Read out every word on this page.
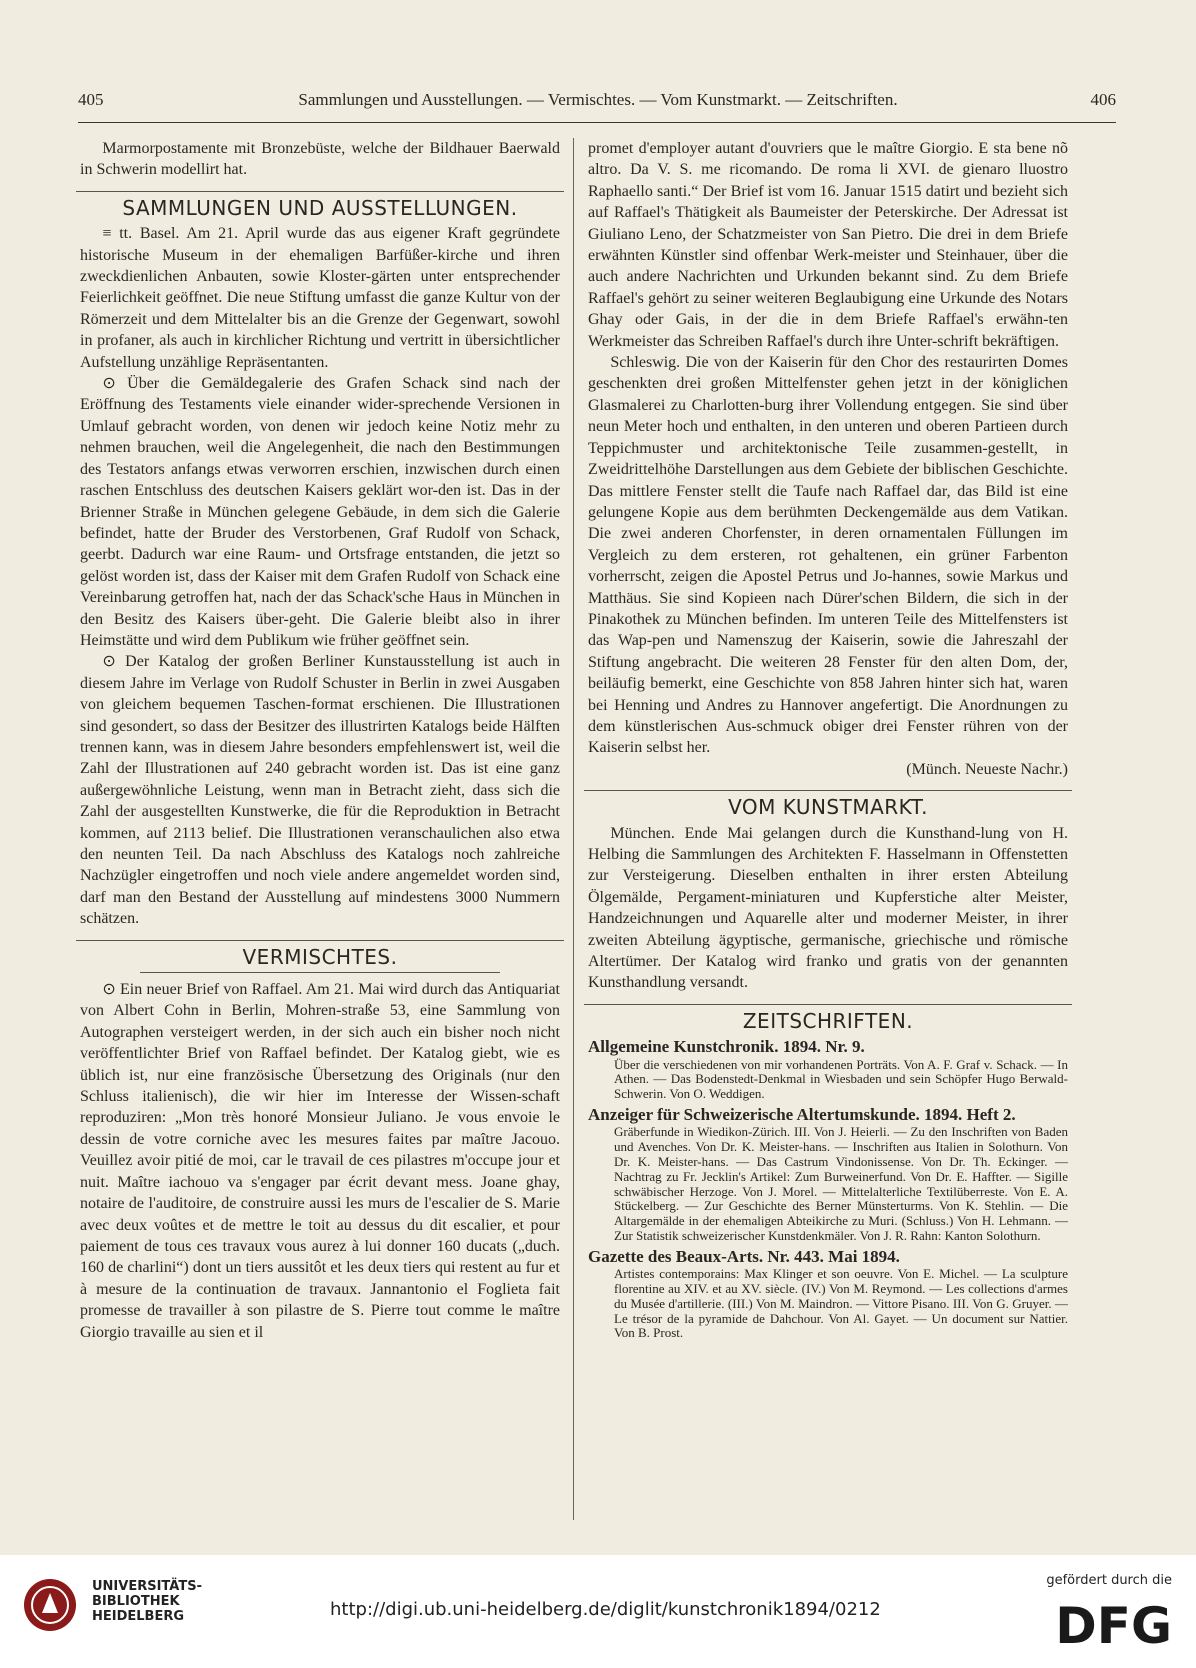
405	Sammlungen und Ausstellungen. — Vermischtes. — Vom Kunstmarkt. — Zeitschriften.	406

Marmorpostamente mit Bronzebüste, welche der Bildhauer Baerwald in Schwerin modellirt hat.

SAMMLUNGEN UND AUSSTELLUNGEN.

≡ tt. Basel. Am 21. April wurde das aus eigener Kraft gegründete historische Museum in der ehemaligen Barfüßer-kirche und ihren zweckdienlichen Anbauten, sowie Kloster-gärten unter entsprechender Feierlichkeit geöffnet. Die neue Stiftung umfasst die ganze Kultur von der Römerzeit und dem Mittelalter bis an die Grenze der Gegenwart, sowohl in profaner, als auch in kirchlicher Richtung und vertritt in übersichtlicher Aufstellung unzählige Repräsentanten.

⊙ Über die Gemäldegalerie des Grafen Schack sind nach der Eröffnung des Testaments viele einander wider-sprechende Versionen in Umlauf gebracht worden, von denen wir jedoch keine Notiz mehr zu nehmen brauchen, weil die Angelegenheit, die nach den Bestimmungen des Testators anfangs etwas verworren erschien, inzwischen durch einen raschen Entschluss des deutschen Kaisers geklärt wor-den ist. Das in der Brienner Straße in München gelegene Gebäude, in dem sich die Galerie befindet, hatte der Bruder des Verstorbenen, Graf Rudolf von Schack, geerbt. Dadurch war eine Raum- und Ortsfrage entstanden, die jetzt so gelöst worden ist, dass der Kaiser mit dem Grafen Rudolf von Schack eine Vereinbarung getroffen hat, nach der das Schack'sche Haus in München in den Besitz des Kaisers über-geht. Die Galerie bleibt also in ihrer Heimstätte und wird dem Publikum wie früher geöffnet sein.

⊙ Der Katalog der großen Berliner Kunstausstellung ist auch in diesem Jahre im Verlage von Rudolf Schuster in Berlin in zwei Ausgaben von gleichem bequemen Taschen-format erschienen. Die Illustrationen sind gesondert, so dass der Besitzer des illustrirten Katalogs beide Hälften trennen kann, was in diesem Jahre besonders empfehlenswert ist, weil die Zahl der Illustrationen auf 240 gebracht worden ist. Das ist eine ganz außergewöhnliche Leistung, wenn man in Betracht zieht, dass sich die Zahl der ausgestellten Kunstwerke, die für die Reproduktion in Betracht kommen, auf 2113 belief. Die Illustrationen veranschaulichen also etwa den neunten Teil. Da nach Abschluss des Katalogs noch zahlreiche Nachzügler eingetroffen und noch viele andere angemeldet worden sind, darf man den Bestand der Ausstellung auf mindestens 3000 Nummern schätzen.

VERMISCHTES.

⊙ Ein neuer Brief von Raffael. Am 21. Mai wird durch das Antiquariat von Albert Cohn in Berlin, Mohren-straße 53, eine Sammlung von Autographen versteigert werden, in der sich auch ein bisher noch nicht veröffentlichter Brief von Raffael befindet. Der Katalog giebt, wie es üblich ist, nur eine französische Übersetzung des Originals (nur den Schluss italienisch), die wir hier im Interesse der Wissen-schaft reproduziren: „Mon très honoré Monsieur Juliano. Je vous envoie le dessin de votre corniche avec les mesures faites par maître Jacouo. Veuillez avoir pitié de moi, car le travail de ces pilastres m'occupe jour et nuit. Maître iachouo va s'engager par écrit devant mess. Joane ghay, notaire de l'auditoire, de construire aussi les murs de l'escalier de S. Marie avec deux voûtes et de mettre le toit au dessus du dit escalier, et pour paiement de tous ces travaux vous aurez à lui donner 160 ducats („duch. 160 de charlini“) dont un tiers aussitôt et les deux tiers qui restent au fur et à mesure de la continuation de travaux. Jannantonio el Foglieta fait promesse de travailler à son pilastre de S. Pierre tout comme le maître Giorgio travaille au sien et il

promet d'employer autant d'ouvriers que le maître Giorgio. E sta bene nõ altro. Da V. S. me ricomando. De roma li XVI. de gienaro lluostro Raphaello santi.“ Der Brief ist vom 16. Januar 1515 datirt und bezieht sich auf Raffael's Thätigkeit als Baumeister der Peterskirche. Der Adressat ist Giuliano Leno, der Schatzmeister von San Pietro. Die drei in dem Briefe erwähnten Künstler sind offenbar Werk-meister und Steinhauer, über die auch andere Nachrichten und Urkunden bekannt sind. Zu dem Briefe Raffael's gehört zu seiner weiteren Beglaubigung eine Urkunde des Notars Ghay oder Gais, in der die in dem Briefe Raffael's erwähn-ten Werkmeister das Schreiben Raffael's durch ihre Unter-schrift bekräftigen.

Schleswig. Die von der Kaiserin für den Chor des restaurirten Domes geschenkten drei großen Mittelfenster gehen jetzt in der königlichen Glasmalerei zu Charlotten-burg ihrer Vollendung entgegen. Sie sind über neun Meter hoch und enthalten, in den unteren und oberen Partieen durch Teppichmuster und architektonische Teile zusammen-gestellt, in Zweidrittelhöhe Darstellungen aus dem Gebiete der biblischen Geschichte. Das mittlere Fenster stellt die Taufe nach Raffael dar, das Bild ist eine gelungene Kopie aus dem berühmten Deckengemälde aus dem Vatikan. Die zwei anderen Chorfenster, in deren ornamentalen Füllungen im Vergleich zu dem ersteren, rot gehaltenen, ein grüner Farbenton vorherrscht, zeigen die Apostel Petrus und Jo-hannes, sowie Markus und Matthäus. Sie sind Kopieen nach Dürer'schen Bildern, die sich in der Pinakothek zu München befinden. Im unteren Teile des Mittelfensters ist das Wap-pen und Namenszug der Kaiserin, sowie die Jahreszahl der Stiftung angebracht. Die weiteren 28 Fenster für den alten Dom, der, beiläufig bemerkt, eine Geschichte von 858 Jahren hinter sich hat, waren bei Henning und Andres zu Hannover angefertigt. Die Anordnungen zu dem künstlerischen Aus-schmuck obiger drei Fenster rühren von der Kaiserin selbst her.

(Münch. Neueste Nachr.)
VOM KUNSTMARKT.

München. Ende Mai gelangen durch die Kunsthand-lung von H. Helbing die Sammlungen des Architekten F. Hasselmann in Offenstetten zur Versteigerung. Dieselben enthalten in ihrer ersten Abteilung Ölgemälde, Pergament-miniaturen und Kupferstiche alter Meister, Handzeichnungen und Aquarelle alter und moderner Meister, in ihrer zweiten Abteilung ägyptische, germanische, griechische und römische Altertümer. Der Katalog wird franko und gratis von der genannten Kunsthandlung versandt.

ZEITSCHRIFTEN.

Allgemeine Kunstchronik. 1894. Nr. 9.

Über die verschiedenen von mir vorhandenen Porträts. Von A. F. Graf v. Schack. — In Athen. — Das Bodenstedt-Denkmal in Wiesbaden und sein Schöpfer Hugo Berwald-Schwerin. Von O. Weddigen.

Anzeiger für Schweizerische Altertumskunde. 1894. Heft 2.

Gräberfunde in Wiedikon-Zürich. III. Von J. Heierli. — Zu den Inschriften von Baden und Avenches. Von Dr. K. Meister-hans. — Inschriften aus Italien in Solothurn. Von Dr. K. Meister-hans. — Das Castrum Vindonissense. Von Dr. Th. Eckinger. — Nachtrag zu Fr. Jecklin's Artikel: Zum Burweinerfund. Von Dr. E. Haffter. — Sigille schwäbischer Herzoge. Von J. Morel. — Mittelalterliche Textilüberreste. Von E. A. Stückelberg. — Zur Geschichte des Berner Münsterturms. Von K. Stehlin. — Die Altargemälde in der ehemaligen Abteikirche zu Muri. (Schluss.) Von H. Lehmann. — Zur Statistik schweizerischer Kunstdenkmäler. Von J. R. Rahn: Kanton Solothurn.

Gazette des Beaux-Arts. Nr. 443. Mai 1894.

Artistes contemporains: Max Klinger et son oeuvre. Von E. Michel. — La sculpture florentine au XIV. et au XV. siècle. (IV.) Von M. Reymond. — Les collections d'armes du Musée d'artillerie. (III.) Von M. Maindron. — Vittore Pisano. III. Von G. Gruyer. — Le trésor de la pyramide de Dahchour. Von Al. Gayet. — Un document sur Nattier. Von B. Prost.

UNIVERSITÄTS-
BIBLIOTHEK
HEIDELBERG	http://digi.ub.uni-heidelberg.de/diglit/kunstchronik1894/0212
gefördert durch die
DFG
